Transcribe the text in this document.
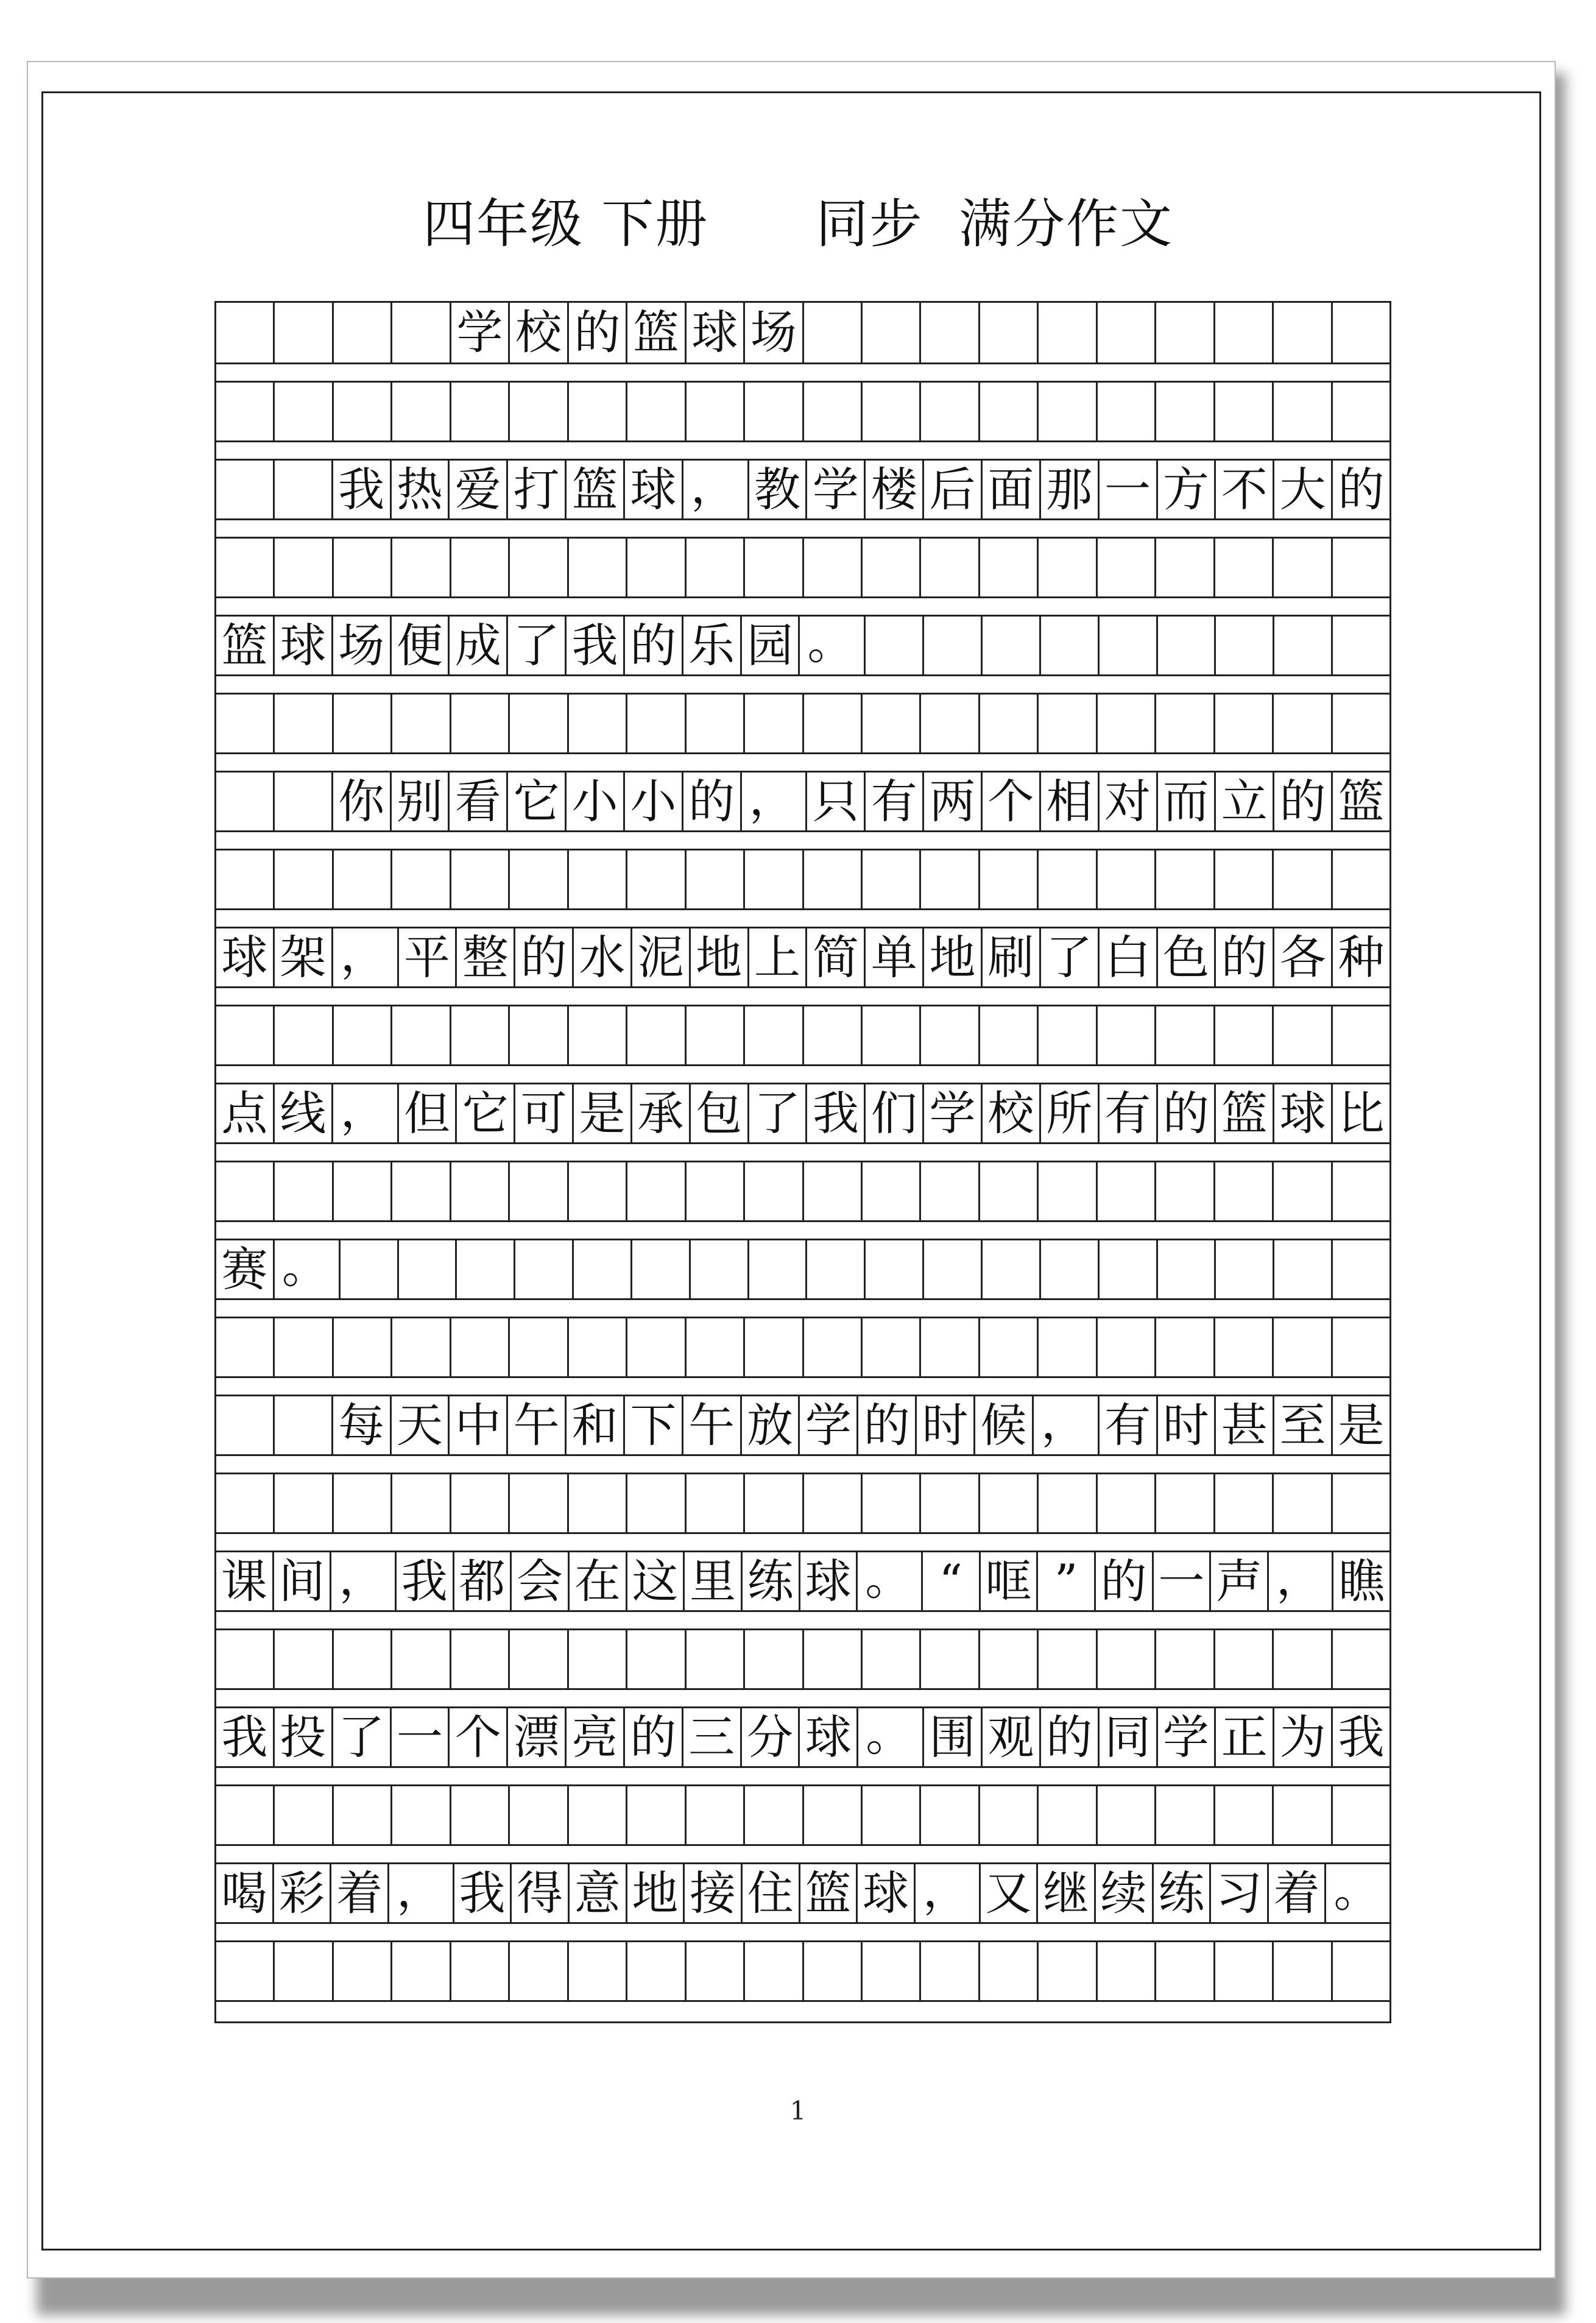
四年级 下册      同步  满分作文
学 校 的 篮 球 场
我 热 爱 打 篮 球 ， 教 学 楼 后 面 那 一 方 不 大 的
篮 球 场 便 成 了 我 的 乐 园 。
你 别 看 它 小 小 的 ， 只 有 两 个 相 对 而 立 的 篮
球 架 ， 平 整 的 水 泥 地 上 简 单 地 刷 了 白 色 的 各 种
点 线 ， 但 它 可 是 承 包 了 我 们 学 校 所 有 的 篮 球 比
赛 。
每 天 中 午 和 下 午 放 学 的 时 候 ， 有 时 甚 至 是
课 间 ， 我 都 会 在 这 里 练 球 。 “ 哐 ” 的 一 声 ， 瞧
我 投 了 一 个 漂 亮 的 三 分 球 。 围 观 的 同 学 正 为 我
喝 彩 着 ， 我 得 意 地 接 住 篮 球 ， 又 继 续 练 习 着 。
1
